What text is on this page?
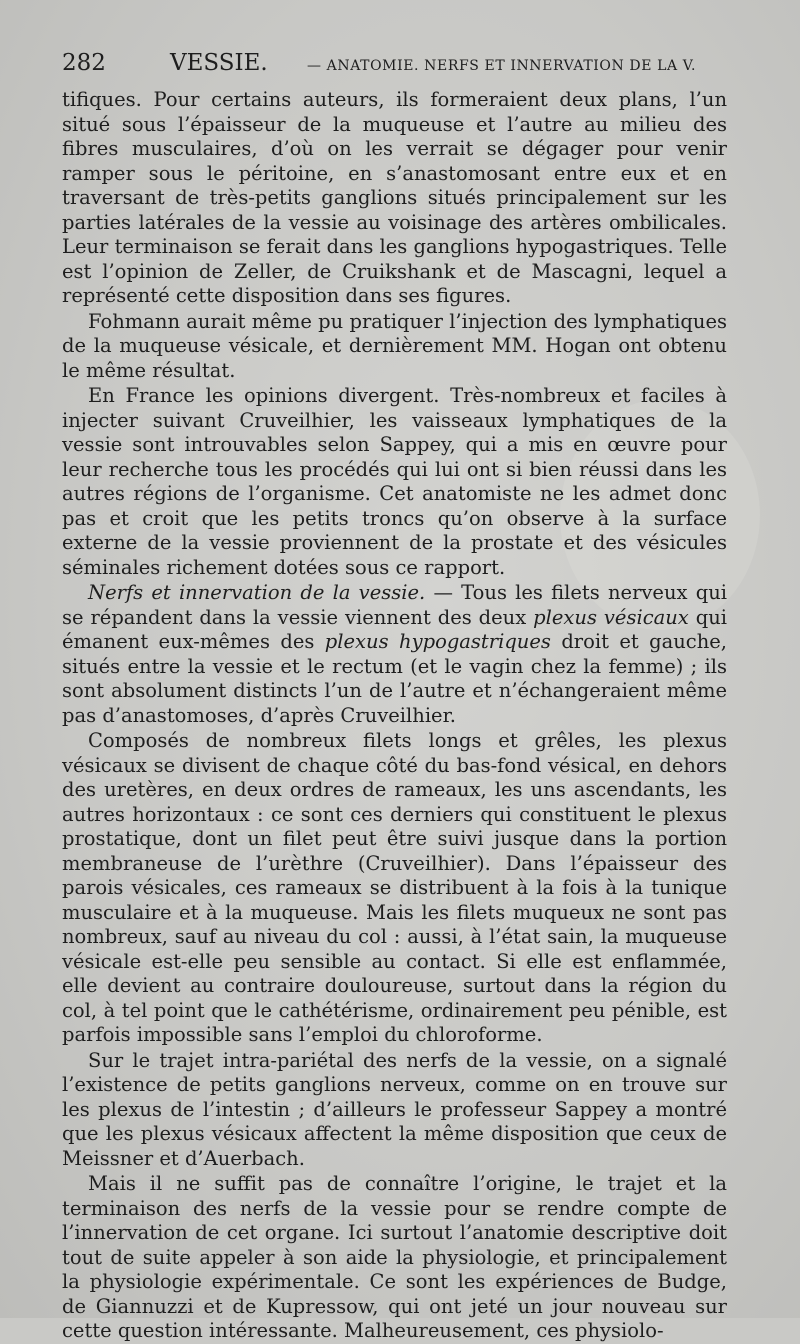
282	VESSIE.	— ANATOMIE. NERFS ET INNERVATION DE LA V.

tifiques. Pour certains auteurs, ils formeraient deux plans, l’un situé sous l’épaisseur de la muqueuse et l’autre au milieu des fibres musculaires, d’où on les verrait se dégager pour venir ramper sous le péritoine, en s’anastomosant entre eux et en traversant de très-petits ganglions situés principalement sur les parties latérales de la vessie au voisinage des artères ombilicales. Leur terminaison se ferait dans les ganglions hypogastriques. Telle est l’opinion de Zeller, de Cruikshank et de Mascagni, lequel a représenté cette disposition dans ses figures.

Fohmann aurait même pu pratiquer l’injection des lymphatiques de la muqueuse vésicale, et dernièrement MM. Hogan ont obtenu le même résultat.

En France les opinions divergent. Très-nombreux et faciles à injecter suivant Cruveilhier, les vaisseaux lymphatiques de la vessie sont introuvables selon Sappey, qui a mis en œuvre pour leur recherche tous les procédés qui lui ont si bien réussi dans les autres régions de l’organisme. Cet anatomiste ne les admet donc pas et croit que les petits troncs qu’on observe à la surface externe de la vessie proviennent de la prostate et des vésicules séminales richement dotées sous ce rapport.

Nerfs et innervation de la vessie. — Tous les filets nerveux qui se répandent dans la vessie viennent des deux plexus vésicaux qui émanent eux-mêmes des plexus hypogastriques droit et gauche, situés entre la vessie et le rectum (et le vagin chez la femme) ; ils sont absolument distincts l’un de l’autre et n’échangeraient même pas d’anastomoses, d’après Cruveilhier.

Composés de nombreux filets longs et grêles, les plexus vésicaux se divisent de chaque côté du bas-fond vésical, en dehors des uretères, en deux ordres de rameaux, les uns ascendants, les autres horizontaux : ce sont ces derniers qui constituent le plexus prostatique, dont un filet peut être suivi jusque dans la portion membraneuse de l’urèthre (Cruveilhier). Dans l’épaisseur des parois vésicales, ces rameaux se distribuent à la fois à la tunique musculaire et à la muqueuse. Mais les filets muqueux ne sont pas nombreux, sauf au niveau du col : aussi, à l’état sain, la muqueuse vésicale est-elle peu sensible au contact. Si elle est enflammée, elle devient au contraire douloureuse, surtout dans la région du col, à tel point que le cathétérisme, ordinairement peu pénible, est parfois impossible sans l’emploi du chloroforme.

Sur le trajet intra-pariétal des nerfs de la vessie, on a signalé l’existence de petits ganglions nerveux, comme on en trouve sur les plexus de l’intestin ; d’ailleurs le professeur Sappey a montré que les plexus vésicaux affectent la même disposition que ceux de Meissner et d’Auerbach.

Mais il ne suffit pas de connaître l’origine, le trajet et la terminaison des nerfs de la vessie pour se rendre compte de l’innervation de cet organe. Ici surtout l’anatomie descriptive doit tout de suite appeler à son aide la physiologie, et principalement la physiologie expérimentale. Ce sont les expériences de Budge, de Giannuzzi et de Kupressow, qui ont jeté un jour nouveau sur cette question intéressante. Malheureusement, ces physiolo-
